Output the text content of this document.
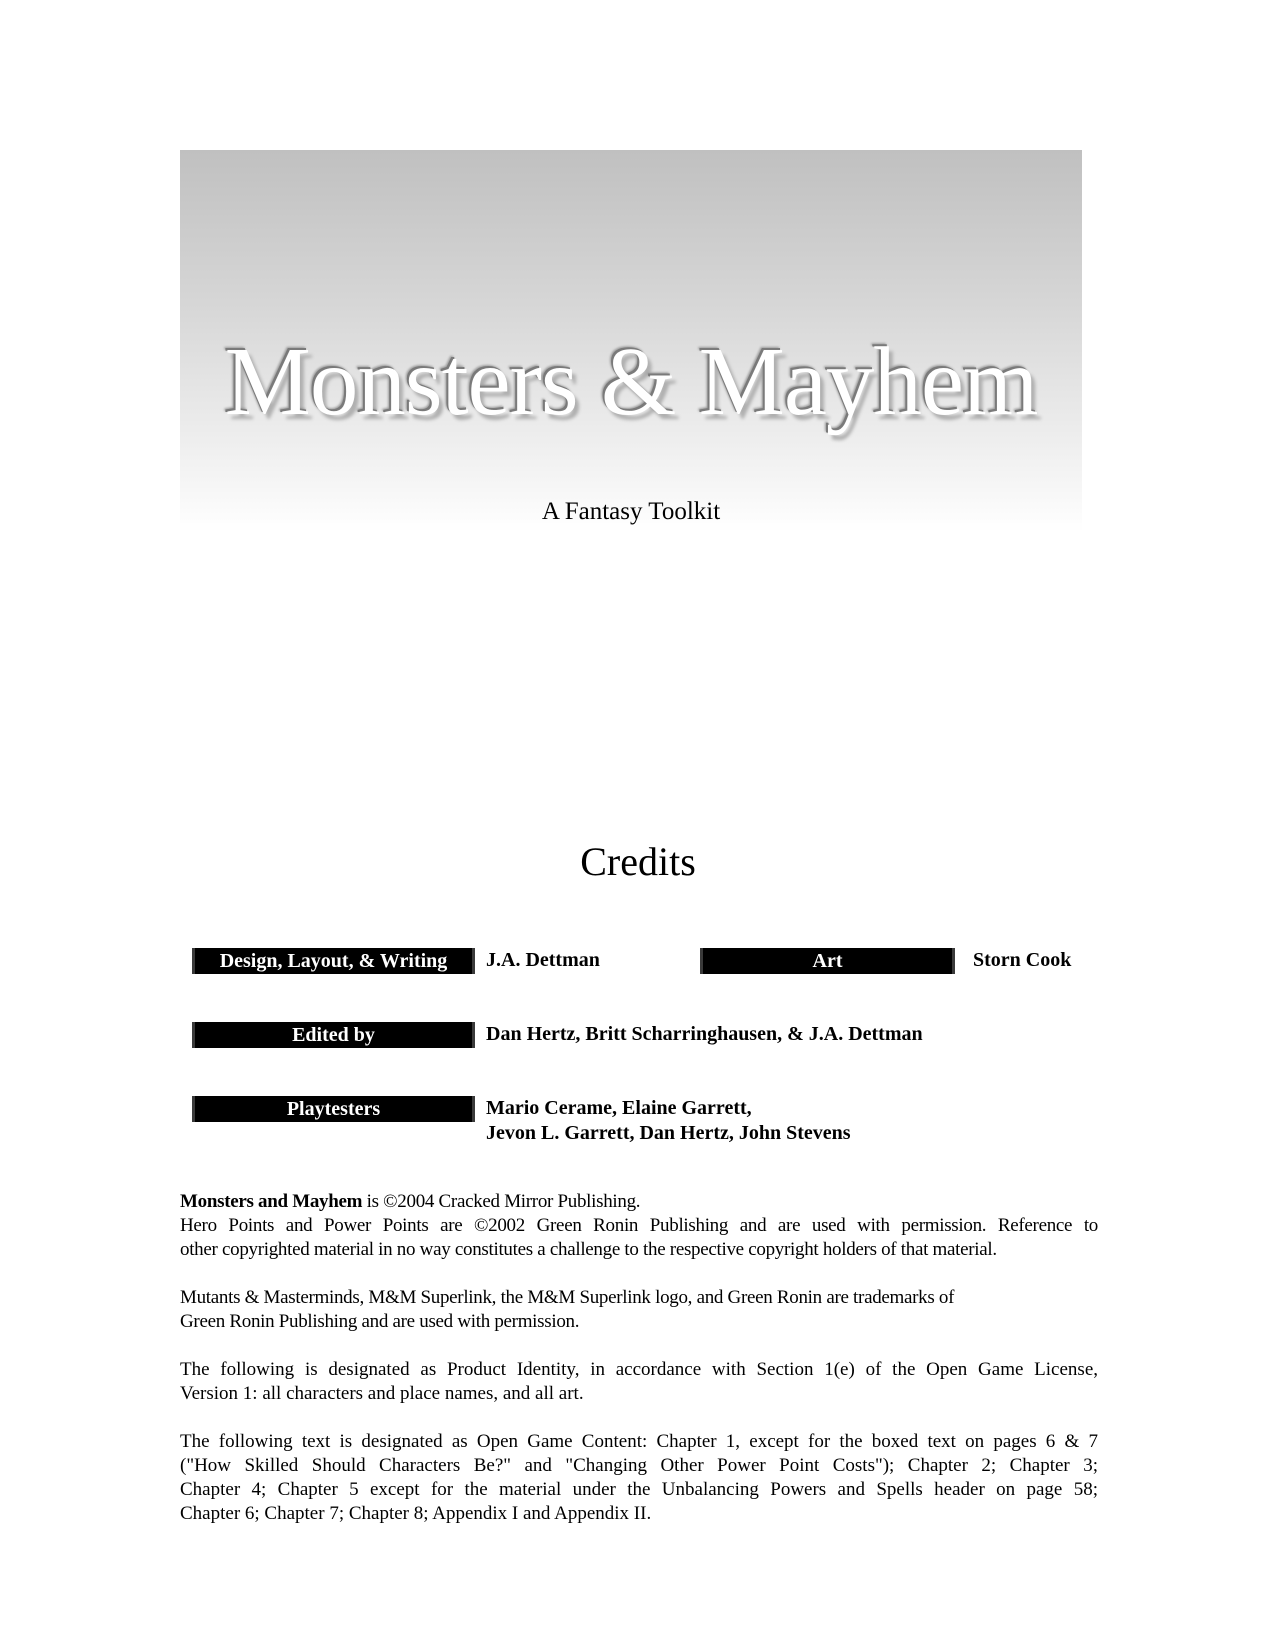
Monsters & Mayhem
A Fantasy Toolkit
Credits
Design, Layout, & Writing	J.A. Dettman	Art	Storn Cook
Edited by	Dan Hertz, Britt Scharringhausen, & J.A. Dettman
Playtesters	Mario Cerame, Elaine Garrett,
Jevon L. Garrett, Dan Hertz, John Stevens
Monsters and Mayhem is ©2004 Cracked Mirror Publishing.
Hero Points and Power Points are ©2002 Green Ronin Publishing and are used with permission. Reference to
other copyrighted material in no way constitutes a challenge to the respective copyright holders of that material.
Mutants & Masterminds, M&M Superlink, the M&M Superlink logo, and Green Ronin are trademarks of
Green Ronin Publishing and are used with permission.
The following is designated as Product Identity, in accordance with Section 1(e) of the Open Game License,
Version 1: all characters and place names, and all art.
The following text is designated as Open Game Content: Chapter 1, except for the boxed text on pages 6 & 7
("How Skilled Should Characters Be?" and "Changing Other Power Point Costs"); Chapter 2; Chapter 3;
Chapter 4; Chapter 5 except for the material under the Unbalancing Powers and Spells header on page 58;
Chapter 6; Chapter 7; Chapter 8; Appendix I and Appendix II.
